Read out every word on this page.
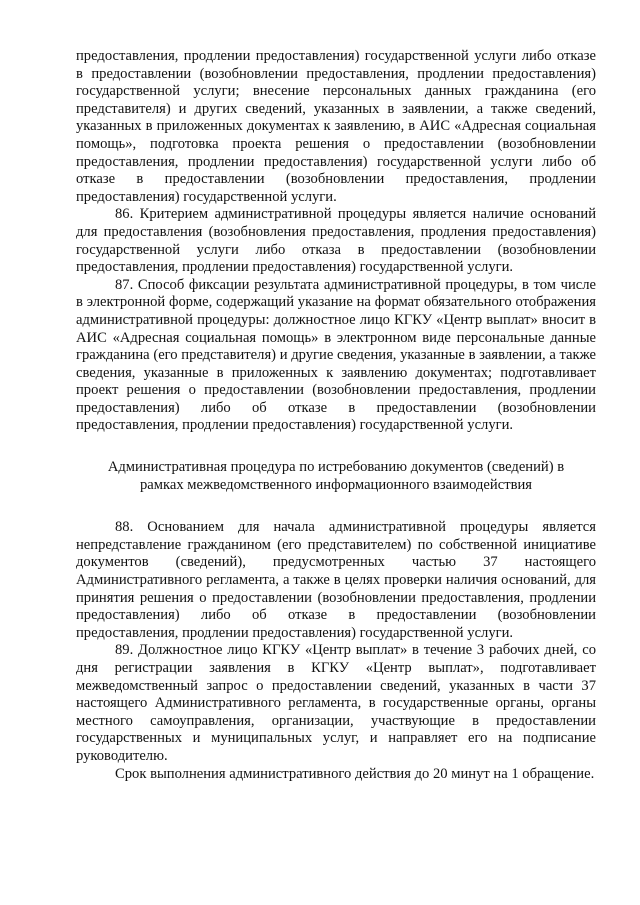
предоставления, продлении предоставления) государственной услуги либо отказе в предоставлении (возобновлении предоставления, продлении предоставления) государственной услуги; внесение персональных данных гражданина (его представителя) и других сведений, указанных в заявлении, а также сведений, указанных в приложенных документах к заявлению, в АИС «Адресная социальная помощь», подготовка проекта решения о предоставлении (возобновлении предоставления, продлении предоставления) государственной услуги либо об отказе в предоставлении (возобновлении предоставления, продлении предоставления) государственной услуги.

86. Критерием административной процедуры является наличие оснований для предоставления (возобновления предоставления, продления предоставления) государственной услуги либо отказа в предоставлении (возобновлении предоставления, продлении предоставления) государственной услуги.

87. Способ фиксации результата административной процедуры, в том числе в электронной форме, содержащий указание на формат обязательного отображения административной процедуры: должностное лицо КГКУ «Центр выплат» вносит в АИС «Адресная социальная помощь» в электронном виде персональные данные гражданина (его представителя) и другие сведения, указанные в заявлении, а также сведения, указанные в приложенных к заявлению документах; подготавливает проект решения о предоставлении (возобновлении предоставления, продлении предоставления) либо об отказе в предоставлении (возобновлении предоставления, продлении предоставления) государственной услуги.

Административная процедура по истребованию документов (сведений) в рамках межведомственного информационного взаимодействия

88. Основанием для начала административной процедуры является непредставление гражданином (его представителем) по собственной инициативе документов (сведений), предусмотренных частью 37 настоящего Административного регламента, а также в целях проверки наличия оснований, для принятия решения о предоставлении (возобновлении предоставления, продлении предоставления) либо об отказе в предоставлении (возобновлении предоставления, продлении предоставления) государственной услуги.

89. Должностное лицо КГКУ «Центр выплат» в течение 3 рабочих дней, со дня регистрации заявления в КГКУ «Центр выплат», подготавливает межведомственный запрос о предоставлении сведений, указанных в части 37 настоящего Административного регламента, в государственные органы, органы местного самоуправления, организации, участвующие в предоставлении государственных и муниципальных услуг, и направляет его на подписание руководителю.

Срок выполнения административного действия до 20 минут на 1 обращение.
